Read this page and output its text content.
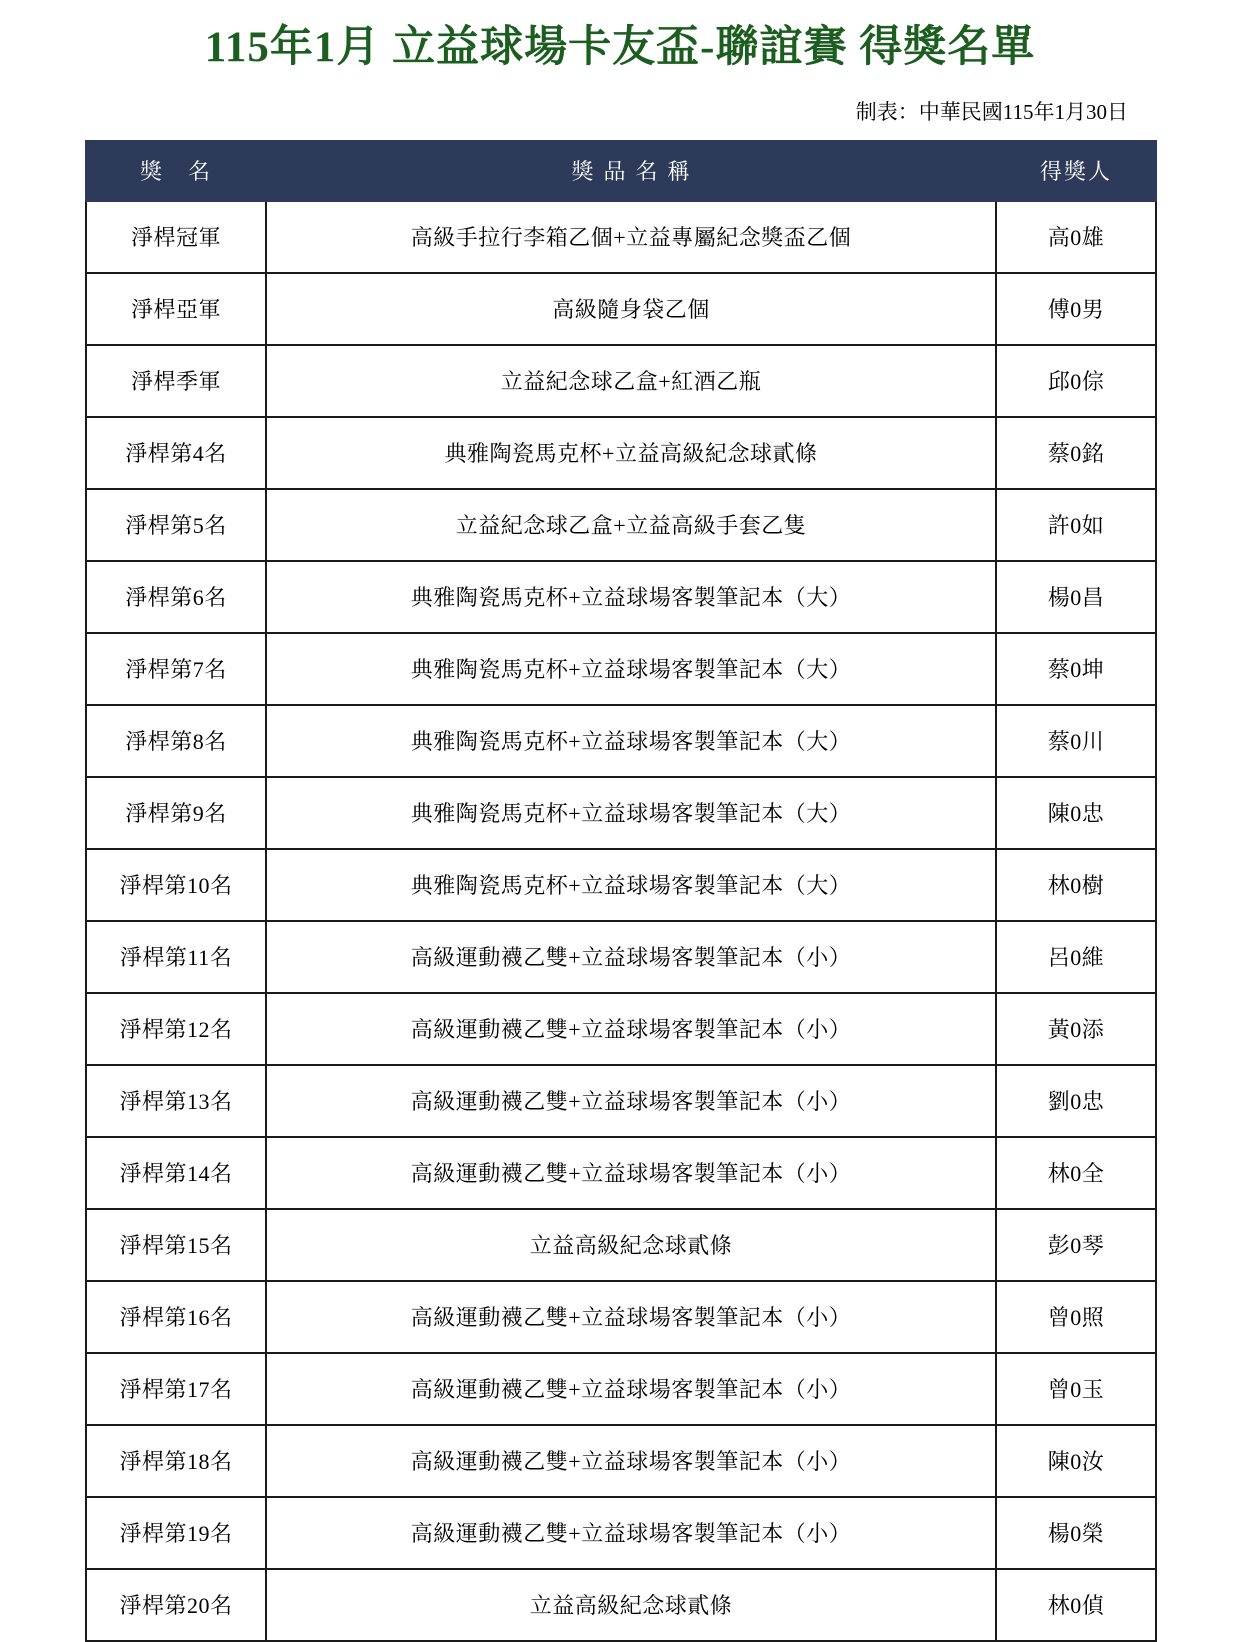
115年1月 立益球場卡友盃-聯誼賽 得獎名單
制表：中華民國115年1月30日
獎　名	獎品名稱	得獎人
淨桿冠軍	高級手拉行李箱乙個+立益專屬紀念獎盃乙個	高0雄
淨桿亞軍	高級隨身袋乙個	傅0男
淨桿季軍	立益紀念球乙盒+紅酒乙瓶	邱0倧
淨桿第4名	典雅陶瓷馬克杯+立益高級紀念球貳條	蔡0銘
淨桿第5名	立益紀念球乙盒+立益高級手套乙隻	許0如
淨桿第6名	典雅陶瓷馬克杯+立益球場客製筆記本（大）	楊0昌
淨桿第7名	典雅陶瓷馬克杯+立益球場客製筆記本（大）	蔡0坤
淨桿第8名	典雅陶瓷馬克杯+立益球場客製筆記本（大）	蔡0川
淨桿第9名	典雅陶瓷馬克杯+立益球場客製筆記本（大）	陳0忠
淨桿第10名	典雅陶瓷馬克杯+立益球場客製筆記本（大）	林0樹
淨桿第11名	高級運動襪乙雙+立益球場客製筆記本（小）	呂0維
淨桿第12名	高級運動襪乙雙+立益球場客製筆記本（小）	黃0添
淨桿第13名	高級運動襪乙雙+立益球場客製筆記本（小）	劉0忠
淨桿第14名	高級運動襪乙雙+立益球場客製筆記本（小）	林0全
淨桿第15名	立益高級紀念球貳條	彭0琴
淨桿第16名	高級運動襪乙雙+立益球場客製筆記本（小）	曾0照
淨桿第17名	高級運動襪乙雙+立益球場客製筆記本（小）	曾0玉
淨桿第18名	高級運動襪乙雙+立益球場客製筆記本（小）	陳0汝
淨桿第19名	高級運動襪乙雙+立益球場客製筆記本（小）	楊0榮
淨桿第20名	立益高級紀念球貳條	林0偵
